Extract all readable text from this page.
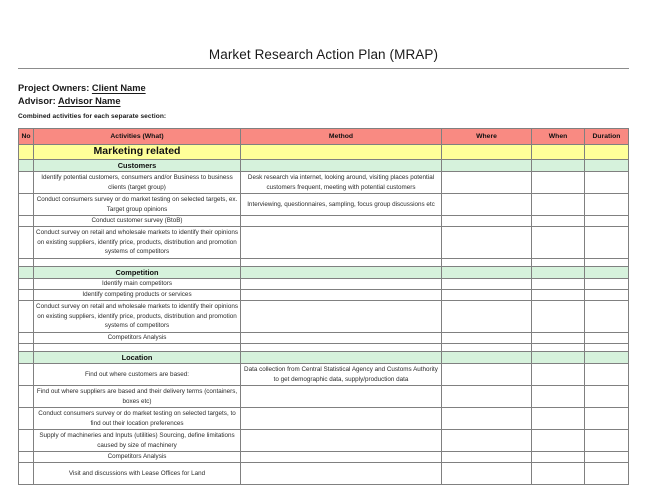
Market Research Action Plan (MRAP)
Project Owners: Client Name
Advisor: Advisor Name
Combined activities for each separate section:
No	Activities (What)	Method	Where	When	Duration
	Marketing related				
	Customers				
	Identify potential customers, consumers and/or Business to business clients (target group)	Desk research via internet, looking around, visiting places potential customers frequent, meeting with potential customers			
	Conduct consumers survey or do market testing on selected targets, ex. Target group opinions	Interviewing, questionnaires, sampling, focus group discussions etc			
	Conduct customer survey (BtoB)				
	Conduct survey on retail and wholesale markets to identify their opinions on existing suppliers, identify price, products, distribution and promotion systems of competitors				

	Competition				
	Identify main competitors				
	Identify competing products or services				
	Conduct survey on retail and wholesale markets to identify their opinions on existing suppliers, identify price, products, distribution and promotion systems of competitors				
	Competitors Analysis				

	Location				
	Find out where customers are based:	Data collection from Central Statistical Agency and Customs Authority to get demographic data, supply/production data			
	Find out where suppliers are based and their delivery terms (containers, boxes etc)				
	Conduct consumers survey or do market testing on selected targets, to find out their location preferences				
	Supply of machineries and Inputs (utilities) Sourcing, define limitations caused by size of machinery				
	Competitors Analysis				
	Visit and discussions with Lease Offices for Land				
